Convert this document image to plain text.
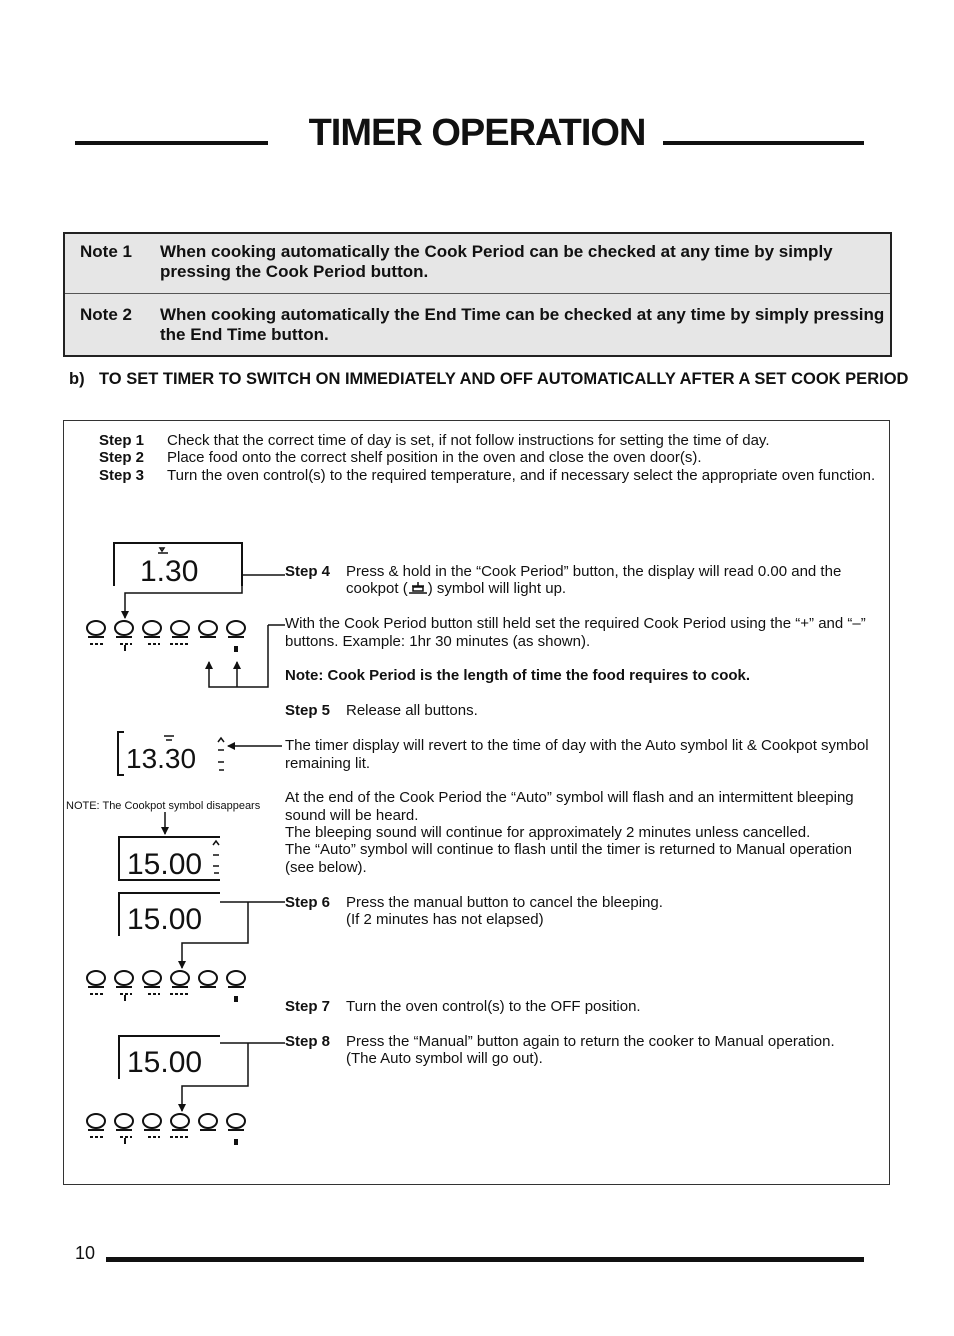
TIMER OPERATION
Note 1 When cooking automatically the Cook Period can be checked at any time by simply pressing the Cook Period button.
Note 2 When cooking automatically the End Time can be checked at any time by simply pressing the End Time button.
b) TO SET TIMER TO SWITCH ON IMMEDIATELY AND OFF AUTOMATICALLY AFTER A SET COOK PERIOD
Step 1 Check that the correct time of day is set, if not follow instructions for setting the time of day.
Step 2 Place food onto the correct shelf position in the oven and close the oven door(s).
Step 3 Turn the oven control(s) to the required temperature, and if necessary select the appropriate oven function.
Step 4 Press & hold in the “Cook Period” button, the display will read 0.00 and the
cookpot ( ) symbol will light up.
With the Cook Period button still held set the required Cook Period using the “+” and “–” buttons. Example: 1hr 30 minutes (as shown).
Note: Cook Period is the length of time the food requires to cook.
Step 5 Release all buttons.
The timer display will revert to the time of day with the Auto symbol lit & Cookpot symbol remaining lit.
At the end of the Cook Period the “Auto” symbol will flash and an intermittent bleeping sound will be heard.
The bleeping sound will continue for approximately 2 minutes unless cancelled.
The “Auto” symbol will continue to flash until the timer is returned to Manual operation (see below).
Step 6 Press the manual button to cancel the bleeping.
(If 2 minutes has not elapsed)
Step 7 Turn the oven control(s) to the OFF position.
Step 8 Press the “Manual” button again to return the cooker to Manual operation.
(The Auto symbol will go out).
NOTE: The Cookpot symbol disappears
1.30
13.30
15.00
15.00
15.00
10
